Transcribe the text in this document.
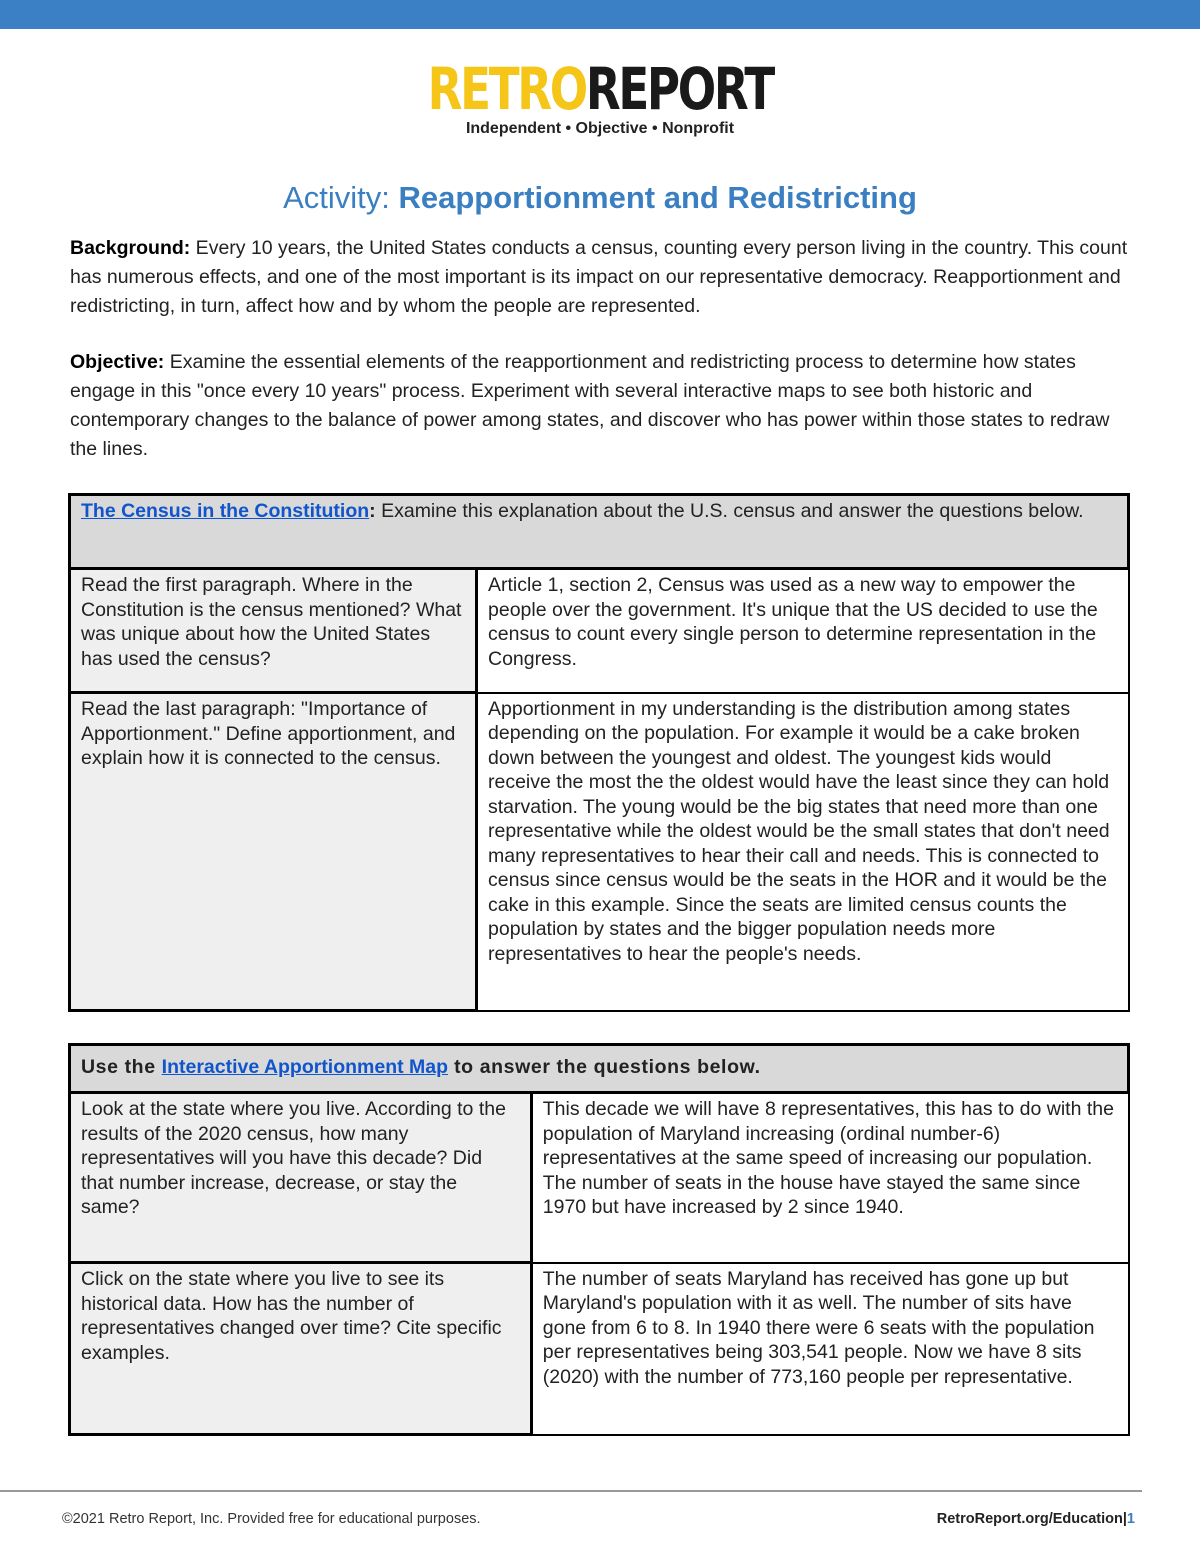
RETROREPORT
Independent • Objective • Nonprofit
Activity: Reapportionment and Redistricting
Background: Every 10 years, the United States conducts a census, counting every person living in the country. This count has numerous effects, and one of the most important is its impact on our representative democracy. Reapportionment and redistricting, in turn, affect how and by whom the people are represented.
Objective: Examine the essential elements of the reapportionment and redistricting process to determine how states engage in this "once every 10 years" process. Experiment with several interactive maps to see both historic and contemporary changes to the balance of power among states, and discover who has power within those states to redraw the lines.
The Census in the Constitution: Examine this explanation about the U.S. census and answer the questions below.	
Read the first paragraph. Where in the Constitution is the census mentioned? What was unique about how the United States has used the census?	Article 1, section 2, Census was used as a new way to empower the people over the government. It's unique that the US decided to use the census to count every single person to determine representation in the Congress.
Read the last paragraph: "Importance of Apportionment." Define apportionment, and explain how it is connected to the census.	Apportionment in my understanding is the distribution among states depending on the population. For example it would be a cake broken down between the youngest and oldest. The youngest kids would receive the most the the oldest would have the least since they can hold starvation. The young would be the big states that need more than one representative while the oldest would be the small states that don't need many representatives to hear their call and needs. This is connected to census since census would be the seats in the HOR and it would be the cake in this example. Since the seats are limited census counts the population by states and the bigger population needs more representatives to hear the people's needs.
Use the Interactive Apportionment Map to answer the questions below.	
Look at the state where you live. According to the results of the 2020 census, how many representatives will you have this decade? Did that number increase, decrease, or stay the same?	This decade we will have 8 representatives, this has to do with the population of Maryland increasing (ordinal number-6) representatives at the same speed of increasing our population. The number of seats in the house have stayed the same since 1970 but have increased by 2 since 1940.
Click on the state where you live to see its historical data. How has the number of representatives changed over time? Cite specific examples.	The number of seats Maryland has received has gone up but Maryland's population with it as well. The number of sits have gone from 6 to 8. In 1940 there were 6 seats with the population per representatives being 303,541 people. Now we have 8 sits (2020) with the number of 773,160 people per representative.
©2021 Retro Report, Inc. Provided free for educational purposes.	RetroReport.org/Education|1
